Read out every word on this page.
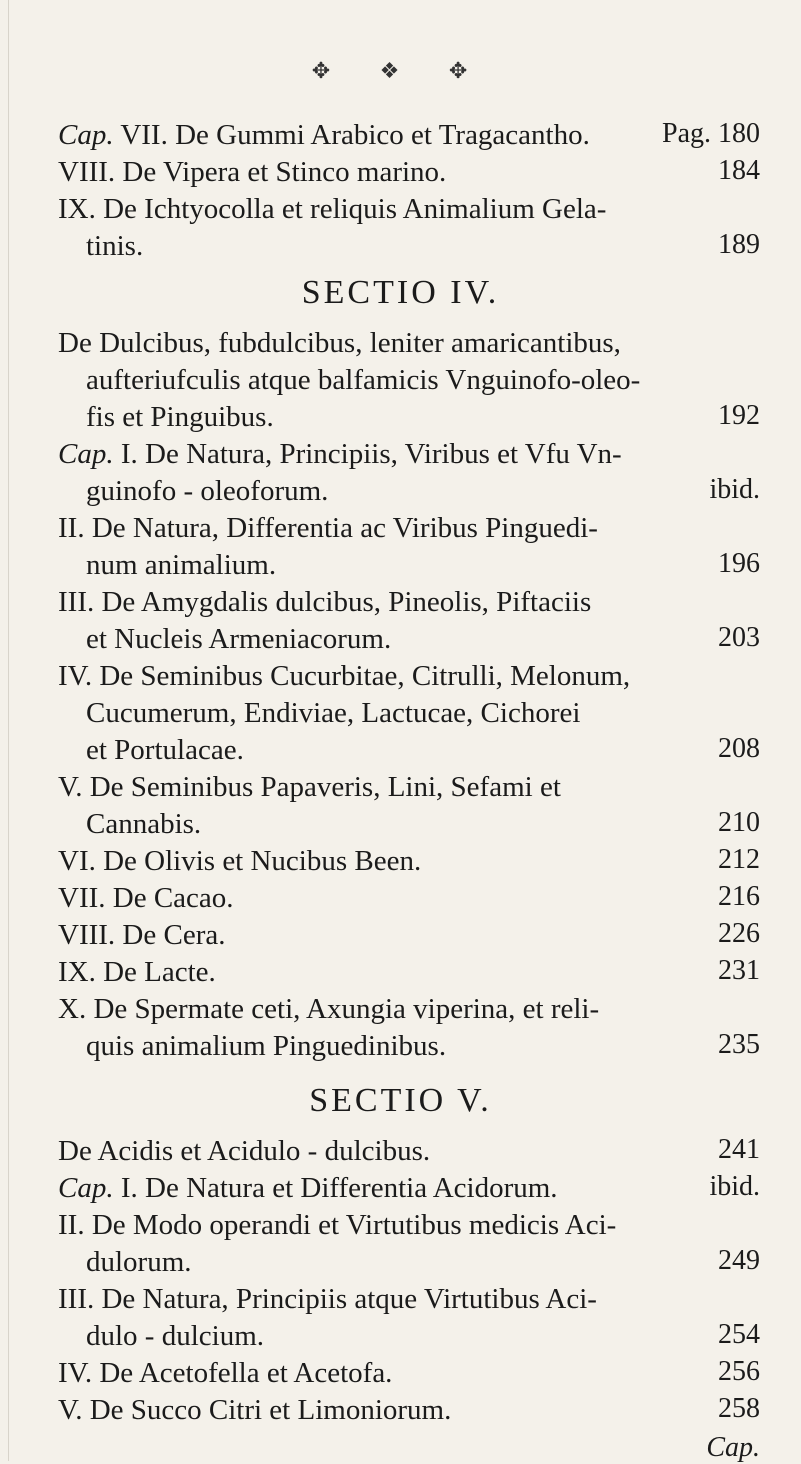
✥ ❖ ✥
Cap. VII. De Gummi Arabico et Tragacantho.	Pag. 180
VIII. De Vipera et Stinco marino.	184
IX. De Ichtyocolla et reliquis Animalium Gela-
tinis.	189
SECTIO IV.
De Dulcibus, fubdulcibus, leniter amaricantibus,
aufteriufculis atque balfamicis Vnguinofo-oleo-
fis et Pinguibus.	192
Cap. I. De Natura, Principiis, Viribus et Vfu Vn-
guinofo - oleoforum.	ibid.
II. De Natura, Differentia ac Viribus Pinguedi-
num animalium.	196
III. De Amygdalis dulcibus, Pineolis, Piftaciis
et Nucleis Armeniacorum.	203
IV. De Seminibus Cucurbitae, Citrulli, Melonum,
Cucumerum, Endiviae, Lactucae, Cichorei
et Portulacae.	208
V. De Seminibus Papaveris, Lini, Sefami et
Cannabis.	210
VI. De Olivis et Nucibus Been.	212
VII. De Cacao.	216
VIII. De Cera.	226
IX. De Lacte.	231
X. De Spermate ceti, Axungia viperina, et reli-
quis animalium Pinguedinibus.	235
SECTIO V.
De Acidis et Acidulo - dulcibus.	241
Cap. I. De Natura et Differentia Acidorum.	ibid.
II. De Modo operandi et Virtutibus medicis Aci-
dulorum.	249
III. De Natura, Principiis atque Virtutibus Aci-
dulo - dulcium.	254
IV. De Acetofella et Acetofa.	256
V. De Succo Citri et Limoniorum.	258
Cap.
